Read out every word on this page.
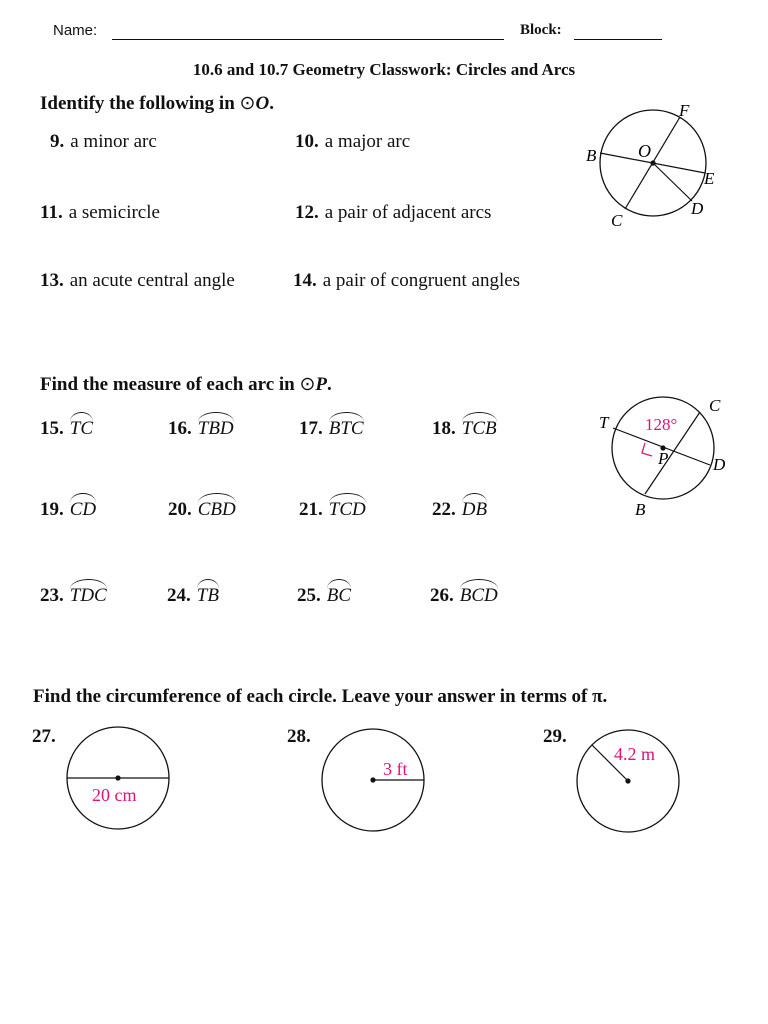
Name:	Block:
10.6 and 10.7 Geometry Classwork: Circles and Arcs
Identify the following in ⊙O.
9. a minor arc	10. a major arc
11. a semicircle	12. a pair of adjacent arcs
13. an acute central angle	14. a pair of congruent angles
O
F
B
E
D
C
Find the measure of each arc in ⊙P.
15. TC	16. TBD	17. BTC	18. TCB
19. CD	20. CBD	21. TCD	22. DB
23. TDC	24. TB	25. BC	26. BCD
128°
P
T
C
D
B
Find the circumference of each circle. Leave your answer in terms of π.
27.	28.	29.
20 cm
3 ft
4.2 m
